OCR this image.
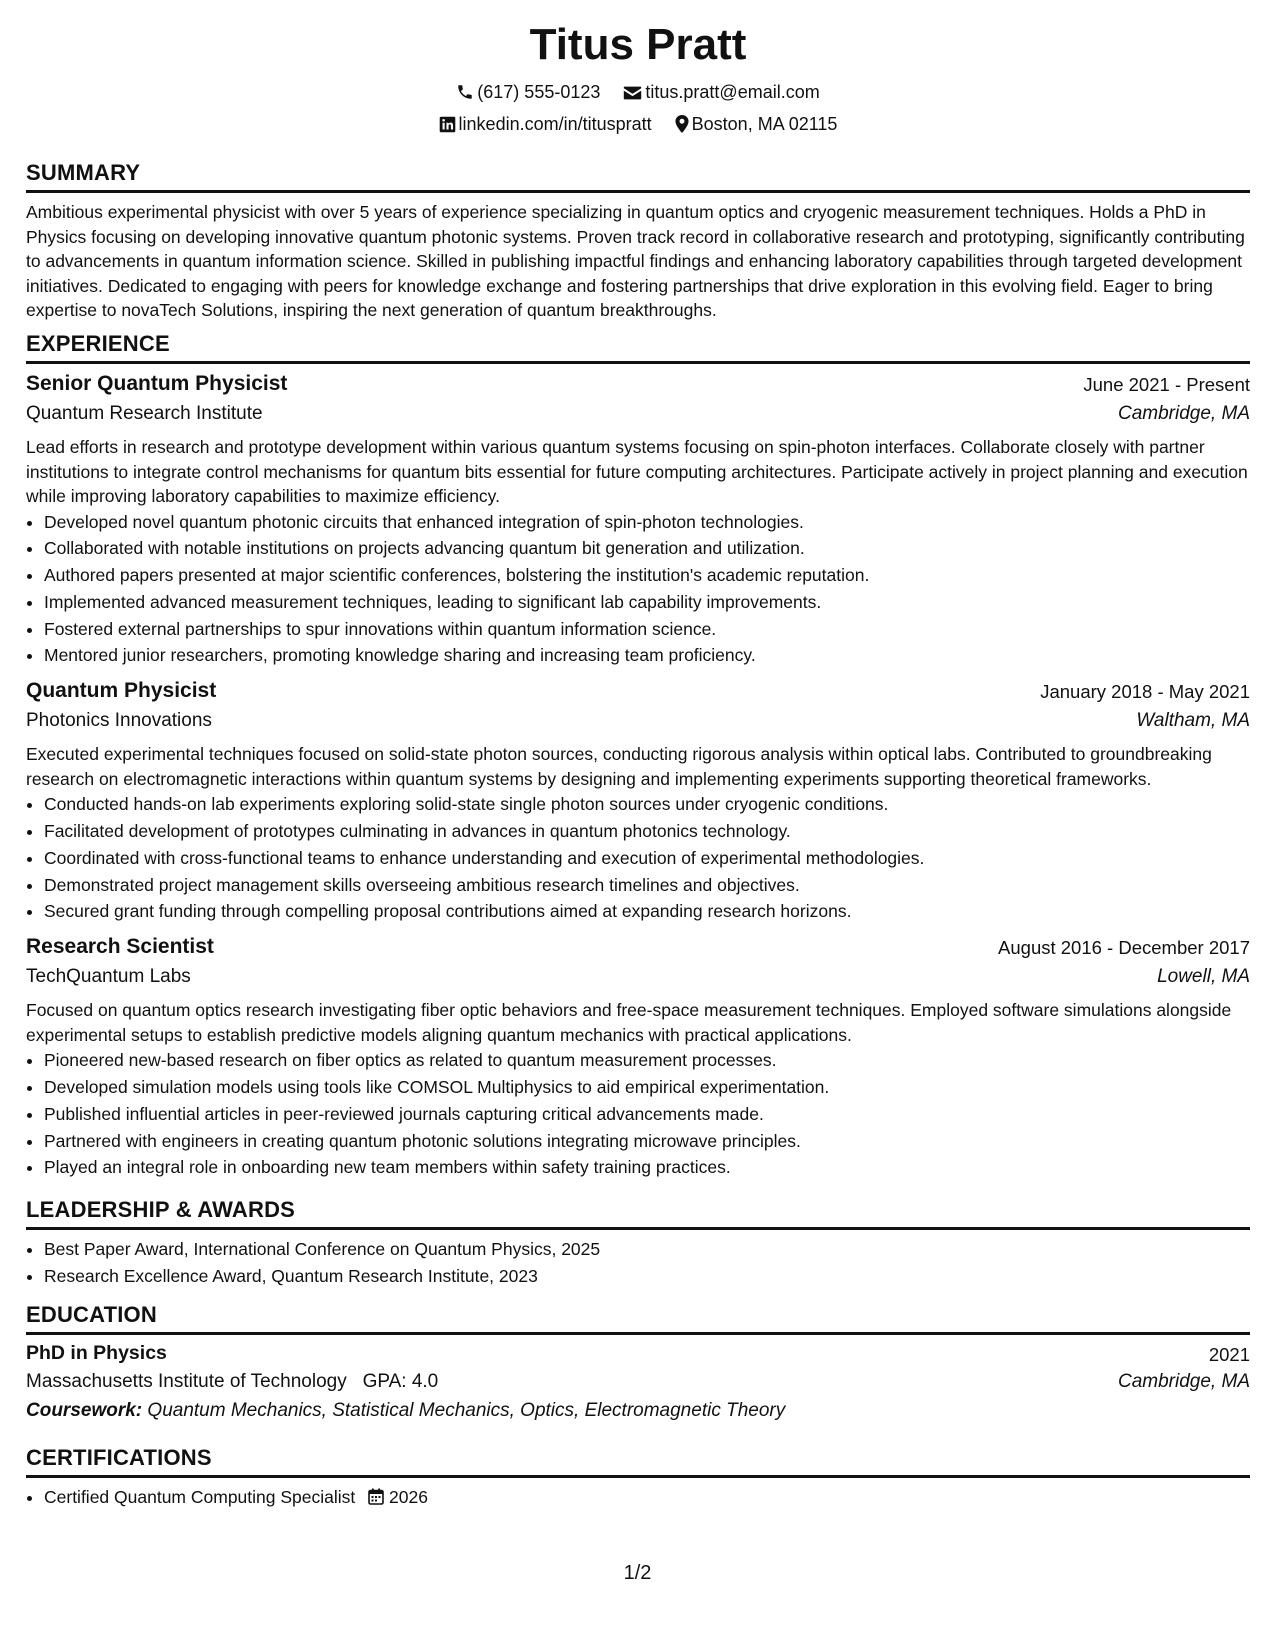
Titus Pratt
(617) 555-0123	titus.pratt@email.com
linkedin.com/in/tituspratt Boston, MA 02115
SUMMARY

Ambitious experimental physicist with over 5 years of experience specializing in quantum optics and cryogenic measurement techniques. Holds a PhD in Physics focusing on developing innovative quantum photonic systems. Proven track record in collaborative research and prototyping, significantly contributing to advancements in quantum information science. Skilled in publishing impactful findings and enhancing laboratory capabilities through targeted development initiatives. Dedicated to engaging with peers for knowledge exchange and fostering partnerships that drive exploration in this evolving field. Eager to bring expertise to novaTech Solutions, inspiring the next generation of quantum breakthroughs.

EXPERIENCE
Senior Quantum Physicist	June 2021 - Present
Quantum Research Institute	Cambridge, MA

Lead efforts in research and prototype development within various quantum systems focusing on spin-photon interfaces. Collaborate closely with partner institutions to integrate control mechanisms for quantum bits essential for future computing architectures. Participate actively in project planning and execution while improving laboratory capabilities to maximize efficiency.

• Developed novel quantum photonic circuits that enhanced integration of spin-photon technologies.
• Collaborated with notable institutions on projects advancing quantum bit generation and utilization.
• Authored papers presented at major scientific conferences, bolstering the institution's academic reputation.
• Implemented advanced measurement techniques, leading to significant lab capability improvements.
• Fostered external partnerships to spur innovations within quantum information science.
• Mentored junior researchers, promoting knowledge sharing and increasing team proficiency.
Quantum Physicist	January 2018 - May 2021
Photonics Innovations	Waltham, MA

Executed experimental techniques focused on solid-state photon sources, conducting rigorous analysis within optical labs. Contributed to groundbreaking research on electromagnetic interactions within quantum systems by designing and implementing experiments supporting theoretical frameworks.

• Conducted hands-on lab experiments exploring solid-state single photon sources under cryogenic conditions.
• Facilitated development of prototypes culminating in advances in quantum photonics technology.
• Coordinated with cross-functional teams to enhance understanding and execution of experimental methodologies.
• Demonstrated project management skills overseeing ambitious research timelines and objectives.
• Secured grant funding through compelling proposal contributions aimed at expanding research horizons.
Research Scientist	August 2016 - December 2017
TechQuantum Labs	Lowell, MA

Focused on quantum optics research investigating fiber optic behaviors and free-space measurement techniques. Employed software simulations alongside experimental setups to establish predictive models aligning quantum mechanics with practical applications.

• Pioneered new-based research on fiber optics as related to quantum measurement processes.
• Developed simulation models using tools like COMSOL Multiphysics to aid empirical experimentation.
• Published influential articles in peer-reviewed journals capturing critical advancements made.
• Partnered with engineers in creating quantum photonic solutions integrating microwave principles.
• Played an integral role in onboarding new team members within safety training practices.
LEADERSHIP & AWARDS
• Best Paper Award, International Conference on Quantum Physics, 2025
• Research Excellence Award, Quantum Research Institute, 2023
EDUCATION
PhD in Physics	2021
Massachusetts Institute of Technology GPA: 4.0	Cambridge, MA
Coursework: Quantum Mechanics, Statistical Mechanics, Optics, Electromagnetic Theory
CERTIFICATIONS
• Certified Quantum Computing Specialist 2026
1/2
